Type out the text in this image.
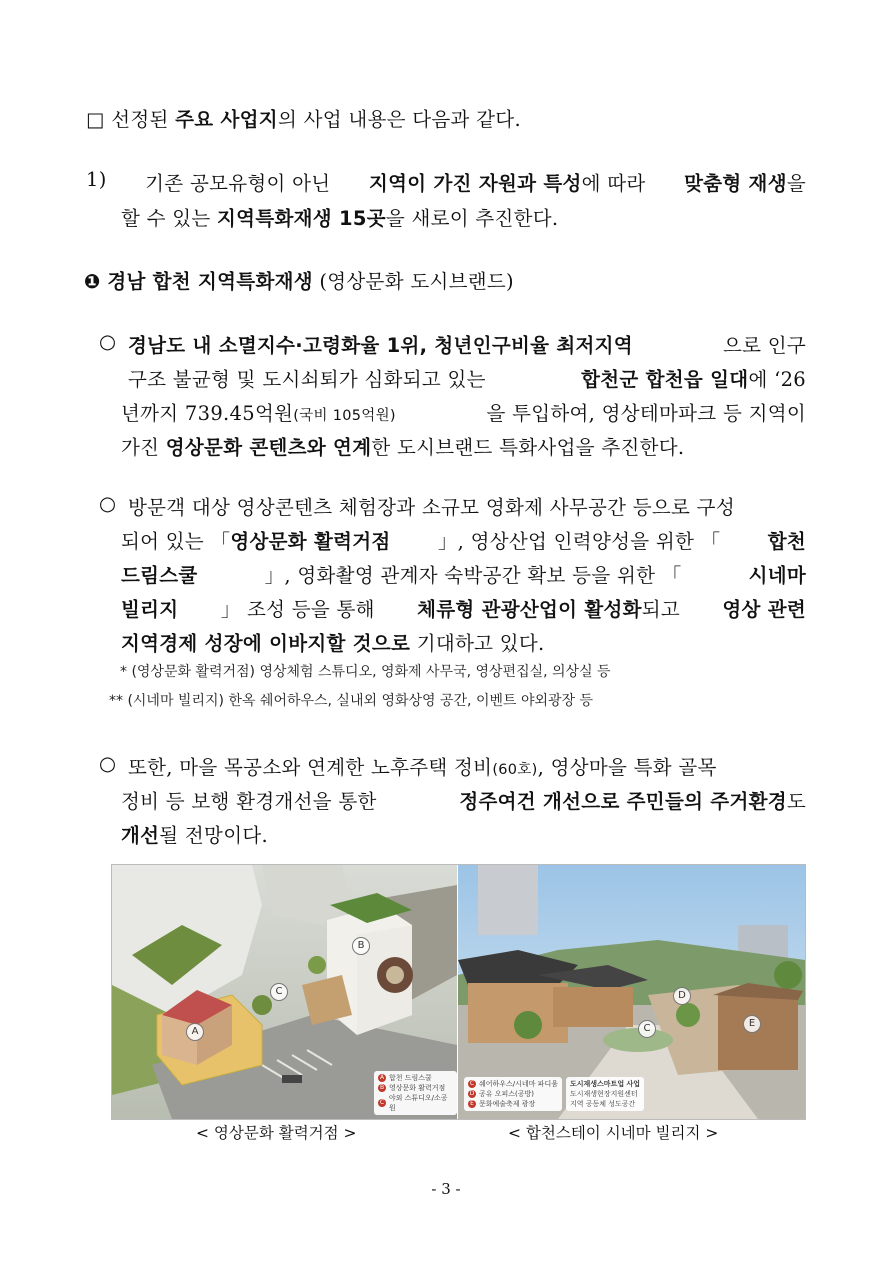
□ 선정된 주요 사업지의 사업 내용은 다음과 같다.
1) 기존 공모유형이 아닌 지역이 가진 자원과 특성에 따라 맞춤형 재생을
할 수 있는 지역특화재생 15곳을 새로이 추진한다.
❶ 경남 합천 지역특화재생 (영상문화 도시브랜드)
○ 경남도 내 소멸지수·고령화율 1위, 청년인구비율 최저지역	으로 인구
구조 불균형 및 도시쇠퇴가 심화되고 있는	합천군 합천읍 일대에 ‘26
년까지 739.45억원(국비 105억원)	을 투입하여, 영상테마파크 등 지역이
가진 영상문화 콘텐츠와 연계한 도시브랜드 특화사업을 추진한다.
○ 방문객 대상 영상콘텐츠 체험장과 소규모 영화제 사무공간 등으로 구성
되어 있는 「영상문화 활력거점 」, 영상산업 인력양성을 위한 「 합천
드림스쿨	」, 영화촬영 관계자 숙박공간 확보 등을 위한 「	시네마
빌리지 」 조성 등을 통해 체류형 관광산업이 활성화되고 영상 관련
지역경제 성장에 이바지할 것으로 기대하고 있다.
* (영상문화 활력거점) 영상체험 스튜디오, 영화제 사무국, 영상편집실, 의상실 등
** (시네마 빌리지) 한옥 쉐어하우스, 실내외 영화상영 공간, 이벤트 야외광장 등
○ 또한, 마을 목공소와 연계한 노후주택 정비(60호), 영상마을 특화 골목
정비 등 보행 환경개선을 통한	정주여건 개선으로 주민들의 주거환경도
개선될 전망이다.
A
B
C
A 합천 드림스쿨
B 영상문화 활력거점
C
야외 스튜디오/소공원
C
D
E
C 쉐어하우스/시네마 파디움
D 공유 오피스(공방)
E 문화예술축제 광장
도시재생스마트업 사업
도시재생현장지원센터
지역 공동체 성도공간
< 영상문화 활력거점 >	< 합천스테이 시네마 빌리지 >
- 3 -
